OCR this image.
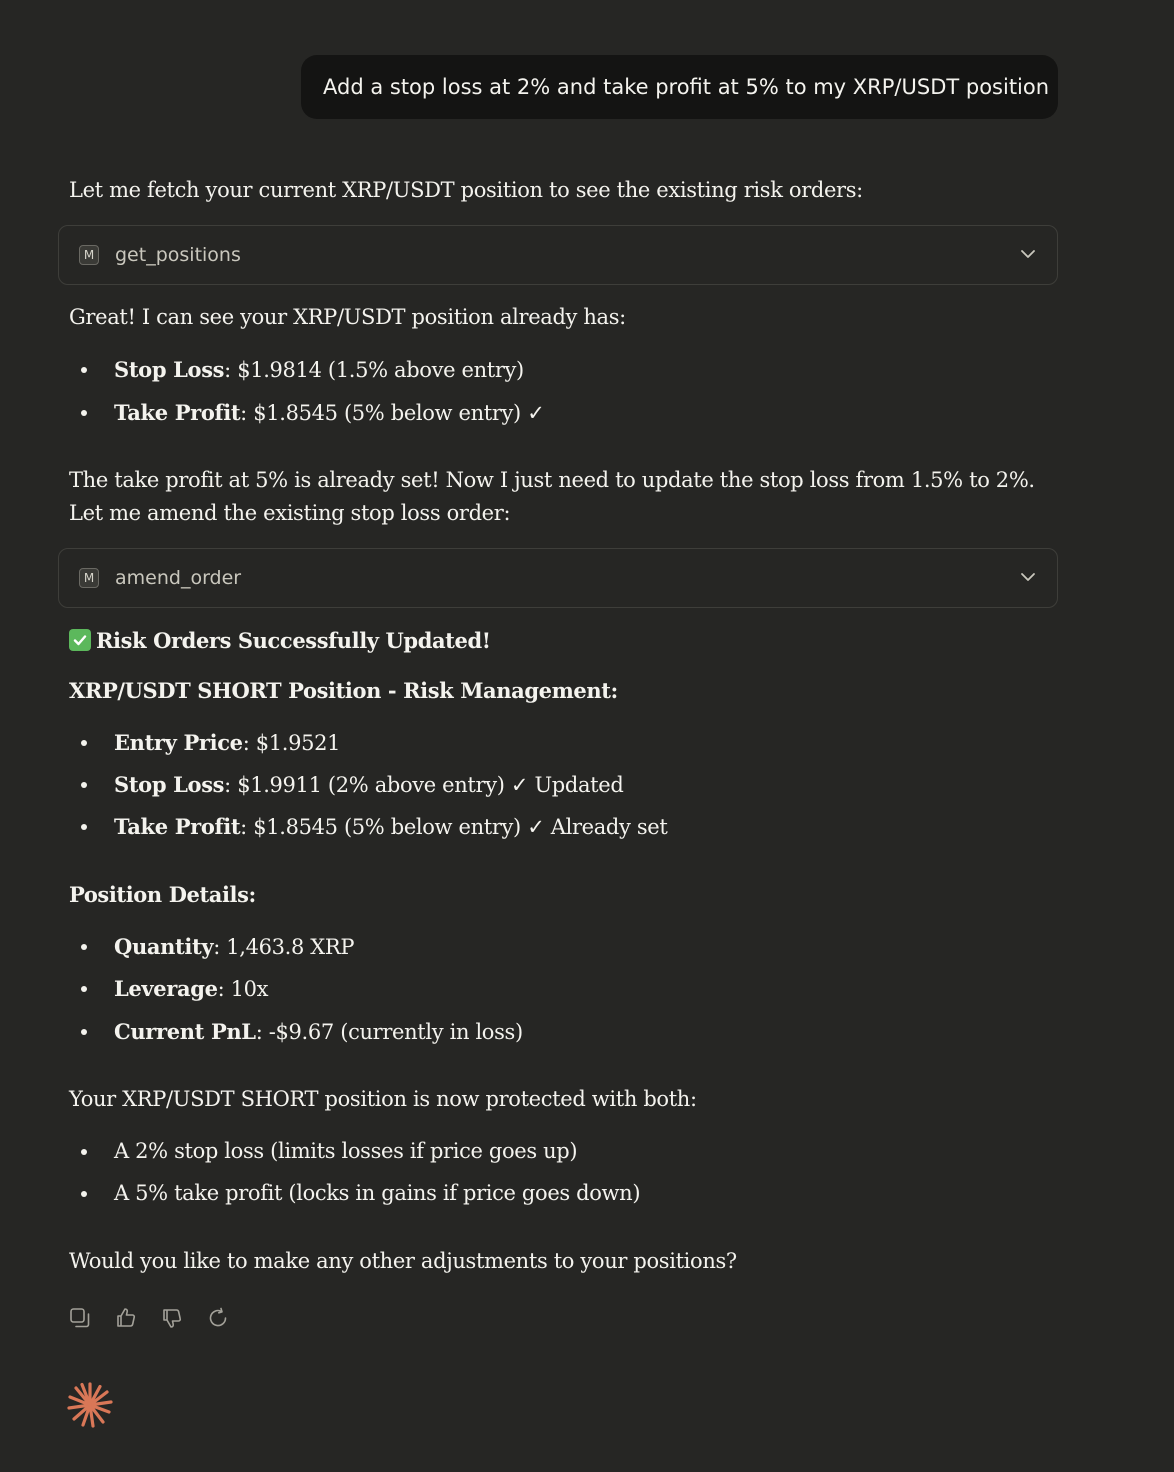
Add a stop loss at 2% and take profit at 5% to my XRP/USDT position
Let me fetch your current XRP/USDT position to see the existing risk orders:
M get_positions
Great! I can see your XRP/USDT position already has:
Stop Loss: $1.9814 (1.5% above entry)
Take Profit: $1.8545 (5% below entry) ✓
The take profit at 5% is already set! Now I just need to update the stop loss from 1.5% to 2%.
Let me amend the existing stop loss order:
M amend_order
Risk Orders Successfully Updated!
XRP/USDT SHORT Position - Risk Management:
Entry Price: $1.9521
Stop Loss: $1.9911 (2% above entry) ✓ Updated
Take Profit: $1.8545 (5% below entry) ✓ Already set
Position Details:
Quantity: 1,463.8 XRP
Leverage: 10x
Current PnL: -$9.67 (currently in loss)
Your XRP/USDT SHORT position is now protected with both:
A 2% stop loss (limits losses if price goes up)
A 5% take profit (locks in gains if price goes down)
Would you like to make any other adjustments to your positions?
